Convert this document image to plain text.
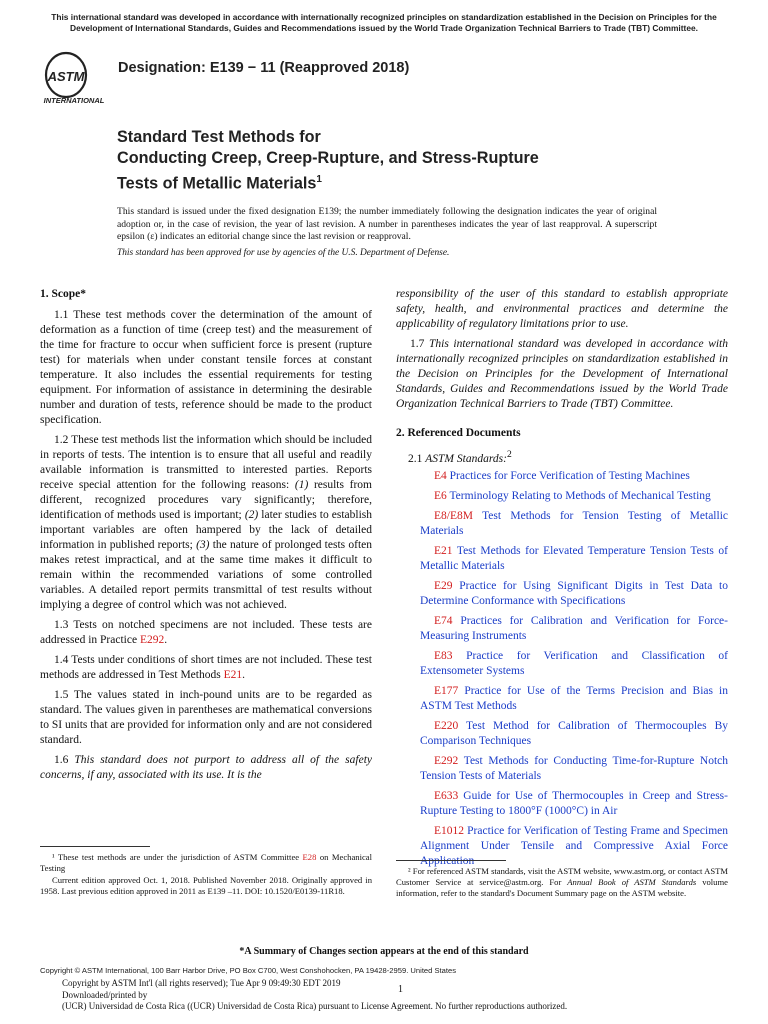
This international standard was developed in accordance with internationally recognized principles on standardization established in the Decision on Principles for the Development of International Standards, Guides and Recommendations issued by the World Trade Organization Technical Barriers to Trade (TBT) Committee.
ASTM
INTERNATIONAL
Designation: E139 − 11 (Reapproved 2018)
Standard Test Methods for
Conducting Creep, Creep-Rupture, and Stress-Rupture
Tests of Metallic Materials$^1$
This standard is issued under the fixed designation E139; the number immediately following the designation indicates the year of original adoption or, in the case of revision, the year of last revision. A number in parentheses indicates the year of last reapproval. A superscript epsilon (ε) indicates an editorial change since the last revision or reapproval.
This standard has been approved for use by agencies of the U.S. Department of Defense.
1. Scope*

1.1 These test methods cover the determination of the amount of deformation as a function of time (creep test) and the measurement of the time for fracture to occur when sufficient force is present (rupture test) for materials when under constant tensile forces at constant temperature. It also includes the essential requirements for testing equipment. For information of assistance in determining the desirable number and duration of tests, reference should be made to the product specification.

1.2 These test methods list the information which should be included in reports of tests. The intention is to ensure that all useful and readily available information is transmitted to interested parties. Reports receive special attention for the following reasons: (1) results from different, recognized procedures vary significantly; therefore, identification of methods used is important; (2) later studies to establish important variables are often hampered by the lack of detailed information in published reports; (3) the nature of prolonged tests often makes retest impractical, and at the same time makes it difficult to remain within the recommended variations of some controlled variables. A detailed report permits transmittal of test results without implying a degree of control which was not achieved.

1.3 Tests on notched specimens are not included. These tests are addressed in Practice E292.

1.4 Tests under conditions of short times are not included. These test methods are addressed in Test Methods E21.

1.5 The values stated in inch-pound units are to be regarded as standard. The values given in parentheses are mathematical conversions to SI units that are provided for information only and are not considered standard.

1.6 This standard does not purport to address all of the safety concerns, if any, associated with its use. It is the

responsibility of the user of this standard to establish appropriate safety, health, and environmental practices and determine the applicability of regulatory limitations prior to use.

1.7 This international standard was developed in accordance with internationally recognized principles on standardization established in the Decision on Principles for the Development of International Standards, Guides and Recommendations issued by the World Trade Organization Technical Barriers to Trade (TBT) Committee.

2. Referenced Documents
2.1 ASTM Standards:$^2$

E4 Practices for Force Verification of Testing Machines

E6 Terminology Relating to Methods of Mechanical Testing

E8/E8M Test Methods for Tension Testing of Metallic Materials

E21 Test Methods for Elevated Temperature Tension Tests of Metallic Materials

E29 Practice for Using Significant Digits in Test Data to Determine Conformance with Specifications

E74 Practices for Calibration and Verification for Force-Measuring Instruments

E83 Practice for Verification and Classification of Extensometer Systems

E177 Practice for Use of the Terms Precision and Bias in ASTM Test Methods

E220 Test Method for Calibration of Thermocouples By Comparison Techniques

E292 Test Methods for Conducting Time-for-Rupture Notch Tension Tests of Materials

E633 Guide for Use of Thermocouples in Creep and Stress-Rupture Testing to 1800°F (1000°C) in Air

E1012 Practice for Verification of Testing Frame and Specimen Alignment Under Tensile and Compressive Axial Force

¹ These test methods are under the jurisdiction of ASTM Committee E28 on Mechanical Testing

Current edition approved Oct. 1, 2018. Published November 2018. Originally approved in 1958. Last previous edition approved in 2011 as E139 –11. DOI: 10.1520/E0139-11R18.

² For referenced ASTM standards, visit the ASTM website, www.astm.org, or contact ASTM Customer Service at service@astm.org. For Annual Book of ASTM Standards volume information, refer to the standard's Document Summary page on the ASTM website.

*A Summary of Changes section appears at the end of this standard
Copyright © ASTM International, 100 Barr Harbor Drive, PO Box C700, West Conshohocken, PA 19428-2959. United States
Copyright by ASTM Int'l (all rights reserved); Tue Apr 9 09:49:30 EDT 2019
Downloaded/printed by
(UCR) Universidad de Costa Rica ((UCR) Universidad de Costa Rica) pursuant to License Agreement. No further reproductions authorized.
1
